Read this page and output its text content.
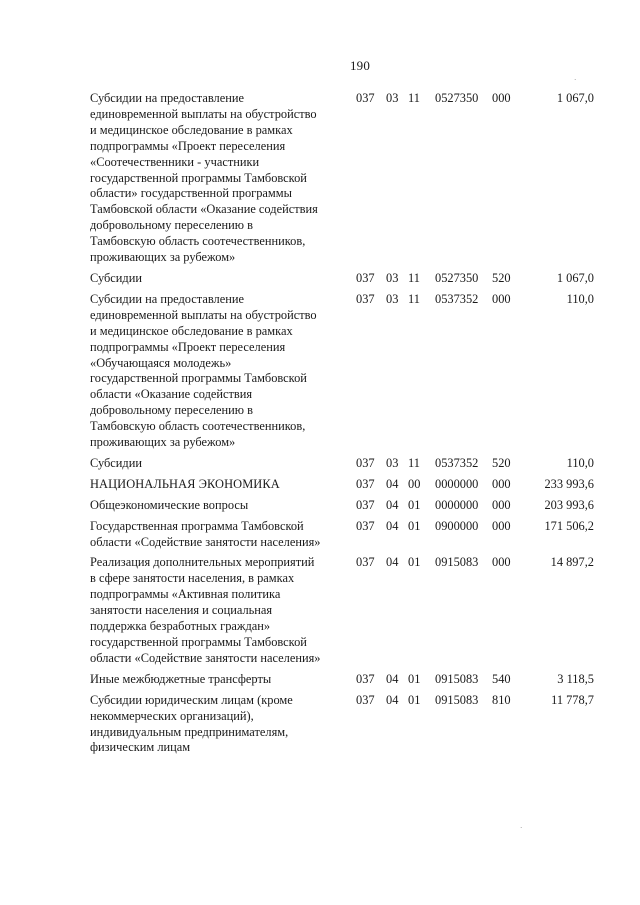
190
Субсидии на предоставление
единовременной выплаты на обустройство
и медицинское обследование в рамках
подпрограммы «Проект переселения
«Соотечественники - участники
государственной программы Тамбовской
области» государственной программы
Тамбовской области «Оказание содействия
добровольному переселению в
Тамбовскую область соотечественников,
проживающих за рубежом»
037 03 11 0527350 000	1 067,0
Субсидии	037 03 11 0527350 520	1 067,0
Субсидии на предоставление
единовременной выплаты на обустройство
и медицинское обследование в рамках
подпрограммы «Проект переселения
«Обучающаяся молодежь»
государственной программы Тамбовской
области «Оказание содействия
добровольному переселению в
Тамбовскую область соотечественников,
проживающих за рубежом»
037 03 11 0537352 000	110,0
Субсидии	037 03 11 0537352 520	110,0
НАЦИОНАЛЬНАЯ ЭКОНОМИКА	037 04 00 0000000 000	233 993,6
Общеэкономические вопросы	037 04 01 0000000 000	203 993,6
Государственная программа Тамбовской
области «Содействие занятости населения»
037 04 01 0900000 000	171 506,2
Реализация дополнительных мероприятий
в сфере занятости населения, в рамках
подпрограммы «Активная политика
занятости населения и социальная
поддержка безработных граждан»
государственной программы Тамбовской
области «Содействие занятости населения»
037 04 01 0915083 000	14 897,2
Иные межбюджетные трансферты	037 04 01 0915083 540	3 118,5
Субсидии юридическим лицам (кроме
некоммерческих организаций),
индивидуальным предпринимателям,
физическим лицам
037 04 01 0915083 810	11 778,7
·
·
